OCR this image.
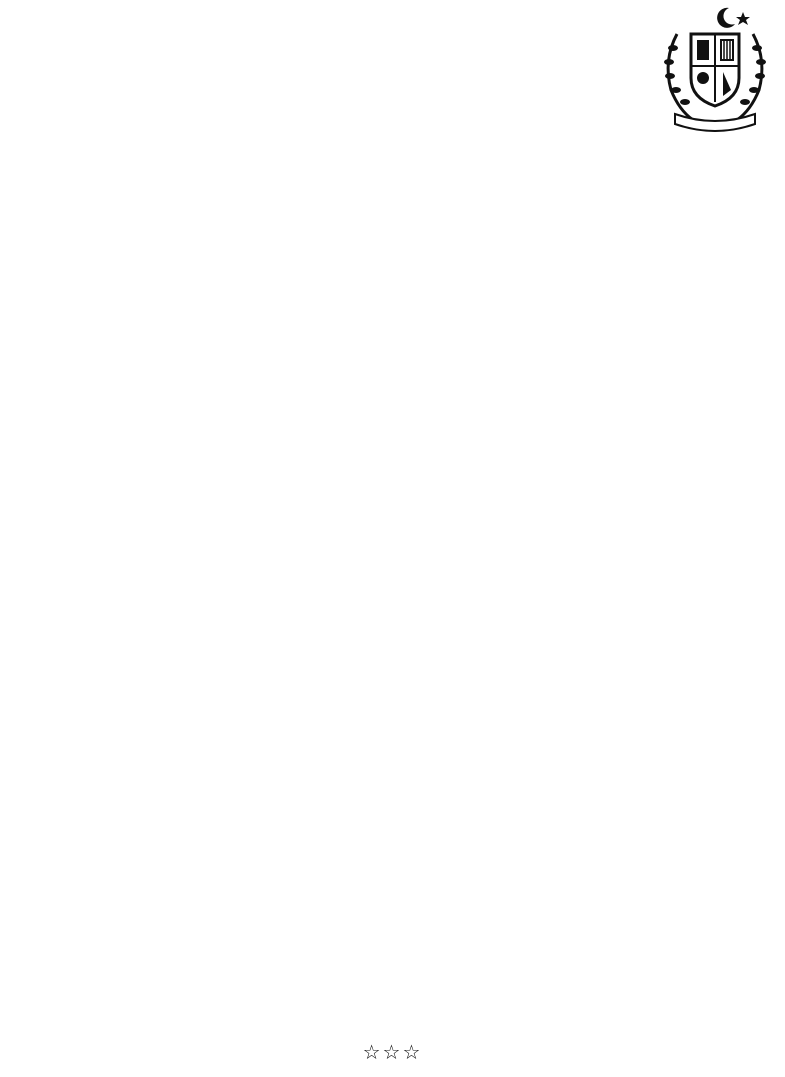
☆☆☆
